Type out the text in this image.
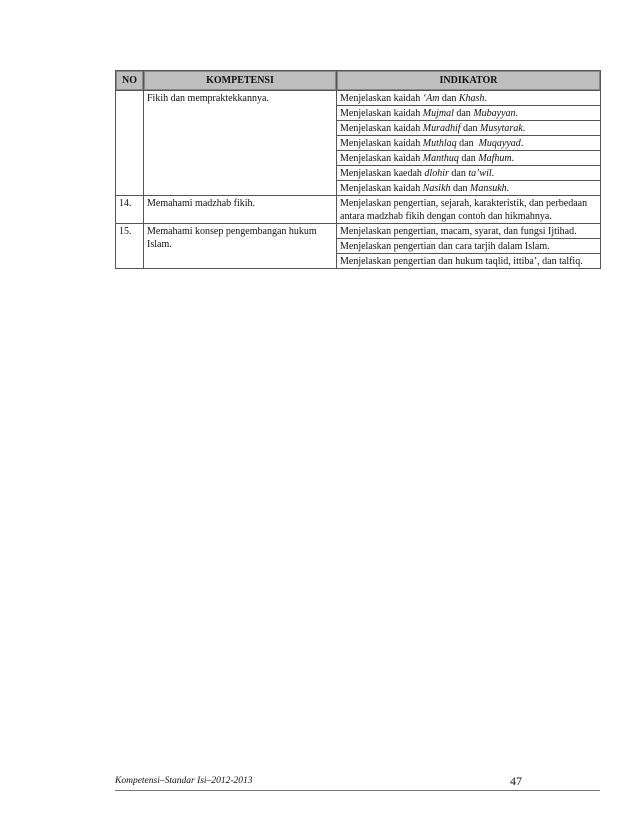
NO	KOMPETENSI	INDIKATOR
	Fikih dan mempraktekkannya.	Menjelaskan kaidah ‘Am dan Khash.
		Menjelaskan kaidah Mujmal dan Mubayyan.
		Menjelaskan kaidah Muradhif dan Musytarak.
		Menjelaskan kaidah Muthlaq dan  Muqayyad.
		Menjelaskan kaidah Manthuq dan Mafhum.
		Menjelaskan kaedah dlohir dan ta’wil.
		Menjelaskan kaidah Nasikh dan Mansukh.
14.	Memahami madzhab fikih.	Menjelaskan pengertian, sejarah, karakteristik, dan perbedaan antara madzhab fikih dengan contoh dan hikmahnya.
15.	Memahami konsep pengembangan hukum Islam.	Menjelaskan pengertian, macam, syarat, dan fungsi Ijtihad.
		Menjelaskan pengertian dan cara tarjih dalam Islam.
		Menjelaskan pengertian dan hukum taqlid, ittiba’, dan talfiq.
Kompetensi–Standar Isi–2012-2013	47
